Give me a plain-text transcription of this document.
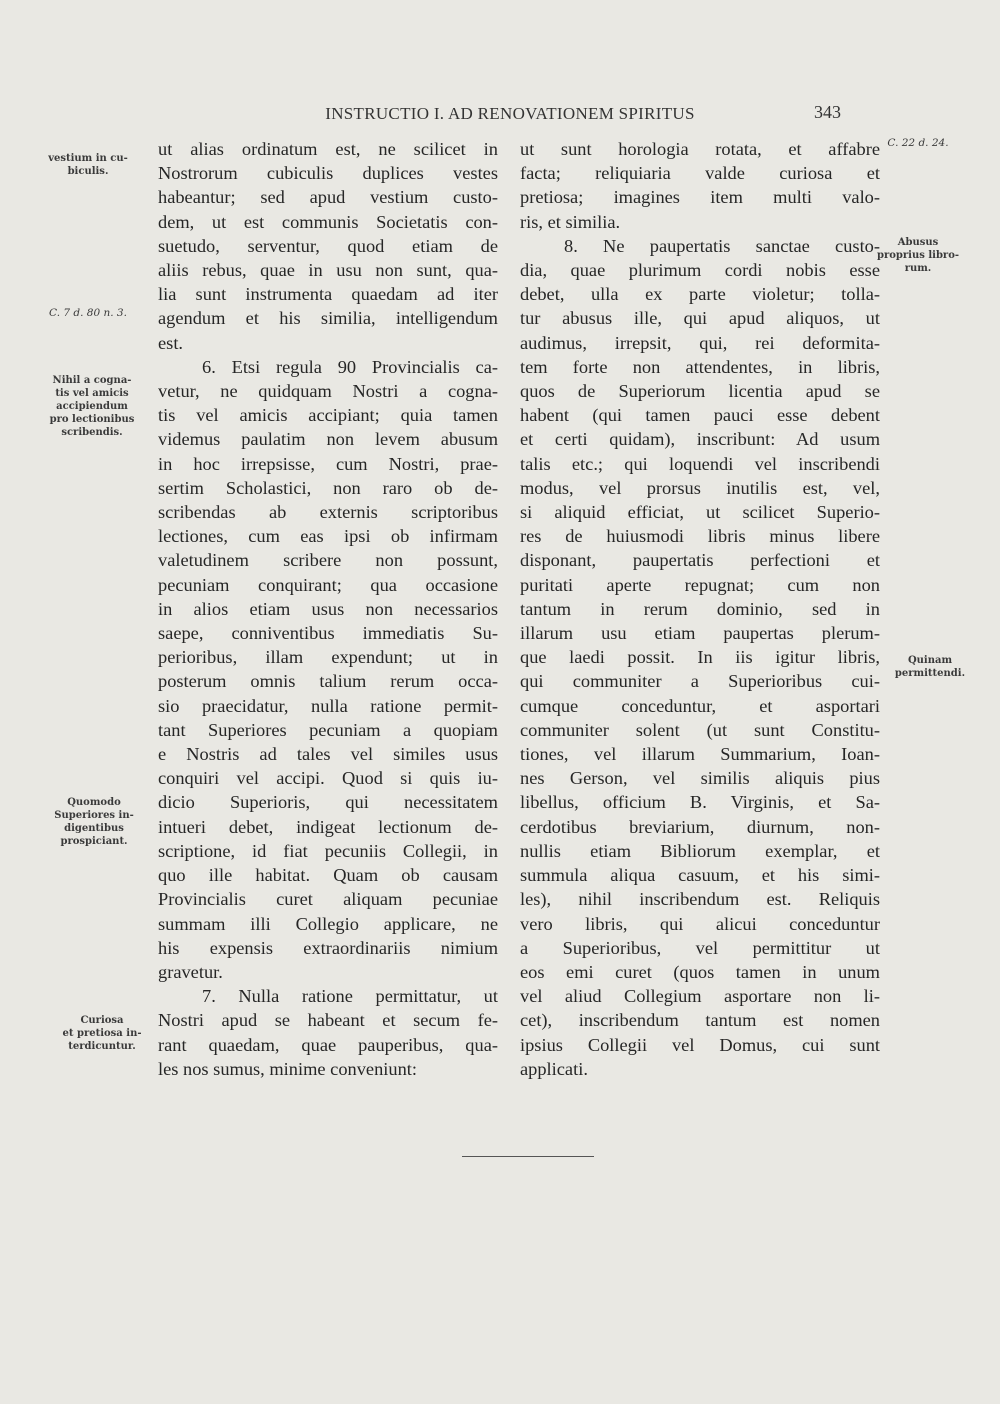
INSTRUCTIO I. AD RENOVATIONEM SPIRITUS	343
ut alias ordinatum est, ne scilicet in
Nostrorum cubiculis duplices vestes
habeantur; sed apud vestium custo-
dem, ut est communis Societatis con-
suetudo, serventur, quod etiam de
aliis rebus, quae in usu non sunt, qua-
lia sunt instrumenta quaedam ad iter
agendum et his similia, intelligendum
est.
6. Etsi regula 90 Provincialis ca-
vetur, ne quidquam Nostri a cogna-
tis vel amicis accipiant; quia tamen
videmus paulatim non levem abusum
in hoc irrepsisse, cum Nostri, prae-
sertim Scholastici, non raro ob de-
scribendas ab externis scriptoribus
lectiones, cum eas ipsi ob infirmam
valetudinem scribere non possunt,
pecuniam conquirant; qua occasione
in alios etiam usus non necessarios
saepe, conniventibus immediatis Su-
perioribus, illam expendunt; ut in
posterum omnis talium rerum occa-
sio praecidatur, nulla ratione permit-
tant Superiores pecuniam a quopiam
e Nostris ad tales vel similes usus
conquiri vel accipi. Quod si quis iu-
dicio Superioris, qui necessitatem
intueri debet, indigeat lectionum de-
scriptione, id fiat pecuniis Collegii, in
quo ille habitat. Quam ob causam
Provincialis curet aliquam pecuniae
summam illi Collegio applicare, ne
his expensis extraordinariis nimium
gravetur.
7. Nulla ratione permittatur, ut
Nostri apud se habeant et secum fe-
rant quaedam, quae pauperibus, qua-
les nos sumus, minime conveniunt:
ut sunt horologia rotata, et affabre
facta; reliquiaria valde curiosa et
pretiosa; imagines item multi valo-
ris, et similia.
8. Ne paupertatis sanctae custo-
dia, quae plurimum cordi nobis esse
debet, ulla ex parte violetur; tolla-
tur abusus ille, qui apud aliquos, ut
audimus, irrepsit, qui, rei deformita-
tem forte non attendentes, in libris,
quos de Superiorum licentia apud se
habent (qui tamen pauci esse debent
et certi quidam), inscribunt: Ad usum
talis etc.; qui loquendi vel inscribendi
modus, vel prorsus inutilis est, vel,
si aliquid efficiat, ut scilicet Superio-
res de huiusmodi libris minus libere
disponant, paupertatis perfectioni et
puritati aperte repugnat; cum non
tantum in rerum dominio, sed in
illarum usu etiam paupertas plerum-
que laedi possit. In iis igitur libris,
qui communiter a Superioribus cui-
cumque conceduntur, et asportari
communiter solent (ut sunt Constitu-
tiones, vel illarum Summarium, Ioan-
nes Gerson, vel similis aliquis pius
libellus, officium B. Virginis, et Sa-
cerdotibus breviarium, diurnum, non-
nullis etiam Bibliorum exemplar, et
summula aliqua casuum, et his simi-
les), nihil inscribendum est. Reliquis
vero libris, qui alicui conceduntur
a Superioribus, vel permittitur ut
eos emi curet (quos tamen in unum
vel aliud Collegium asportare non li-
cet), inscribendum tantum est nomen
ipsius Collegii vel Domus, cui sunt
applicati.
vestium in cu-
biculis.
C. 7 d. 80 n. 3.
Nihil a cogna-
tis vel amicis
accipiendum
pro lectionibus
scribendis.
Quomodo
Superiores in-
digentibus
prospiciant.
Curiosa
et pretiosa in-
terdicuntur.
C. 22 d. 24.
Abusus
proprius libro-
rum.
Quinam
permittendi.
